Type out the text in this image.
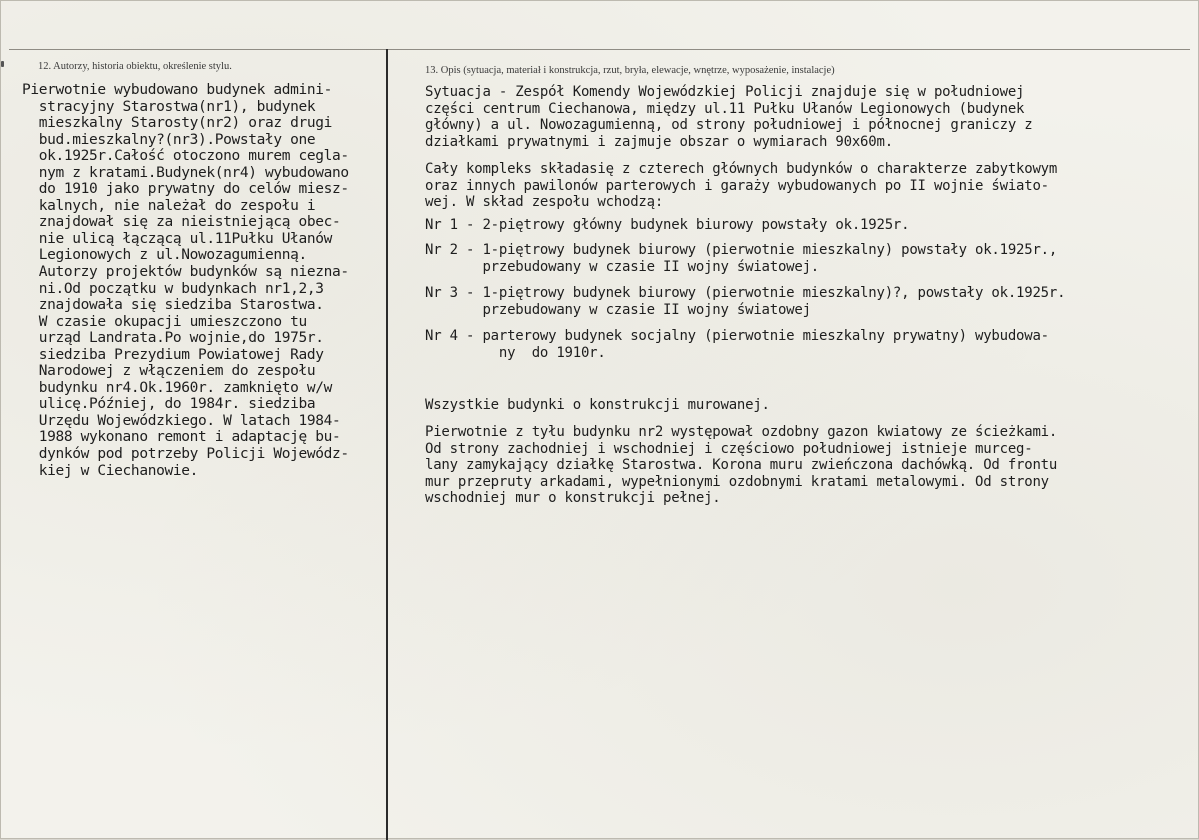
12. Autorzy, historia obiektu, określenie stylu.	13. Opis (sytuacja, materiał i konstrukcja, rzut, bryła, elewacje, wnętrze, wyposażenie, instalacje)
Pierwotnie wybudowano budynek admini-
stracyjny Starostwa(nr1), budynek
mieszkalny Starosty(nr2) oraz drugi
bud.mieszkalny?(nr3).Powstały one
ok.1925r.Całość otoczono murem cegla-
nym z kratami.Budynek(nr4) wybudowano
do 1910 jako prywatny do celów miesz-
kalnych, nie należał do zespołu i
znajdował się za nieistniejącą obec-
nie ulicą łączącą ul.11Pułku Ułanów
Legionowych z ul.Nowozagumienną.
Autorzy projektów budynków są niezna-
ni.Od początku w budynkach nr1,2,3
znajdowała się siedziba Starostwa.
W czasie okupacji umieszczono tu
urząd Landrata.Po wojnie,do 1975r.
siedziba Prezydium Powiatowej Rady
Narodowej z włączeniem do zespołu
budynku nr4.Ok.1960r. zamknięto w/w
ulicę.Później, do 1984r. siedziba
Urzędu Wojewódzkiego. W latach 1984-
1988 wykonano remont i adaptację bu-
dynków pod potrzeby Policji Wojewódz-
kiej w Ciechanowie.
Sytuacja - Zespół Komendy Wojewódzkiej Policji znajduje się w południowej
części centrum Ciechanowa, między ul.11 Pułku Ułanów Legionowych (budynek
główny) a ul. Nowozagumienną, od strony południowej i północnej graniczy z
działkami prywatnymi i zajmuje obszar o wymiarach 90x60m.
Cały kompleks składasię z czterech głównych budynków o charakterze zabytkowym
oraz innych pawilonów parterowych i garaży wybudowanych po II wojnie świato-
wej. W skład zespołu wchodzą:
Nr 1 - 2-piętrowy główny budynek biurowy powstały ok.1925r.
Nr 2 - 1-piętrowy budynek biurowy (pierwotnie mieszkalny) powstały ok.1925r.,
przebudowany w czasie II wojny światowej.
Nr 3 - 1-piętrowy budynek biurowy (pierwotnie mieszkalny)?, powstały ok.1925r.
przebudowany w czasie II wojny światowej
Nr 4 - parterowy budynek socjalny (pierwotnie mieszkalny prywatny) wybudowa-
ny  do 1910r.
Wszystkie budynki o konstrukcji murowanej.
Pierwotnie z tyłu budynku nr2 występował ozdobny gazon kwiatowy ze ścieżkami.
Od strony zachodniej i wschodniej i częściowo południowej istnieje murceg-
lany zamykający działkę Starostwa. Korona muru zwieńczona dachówką. Od frontu
mur przepruty arkadami, wypełnionymi ozdobnymi kratami metalowymi. Od strony
wschodniej mur o konstrukcji pełnej.
